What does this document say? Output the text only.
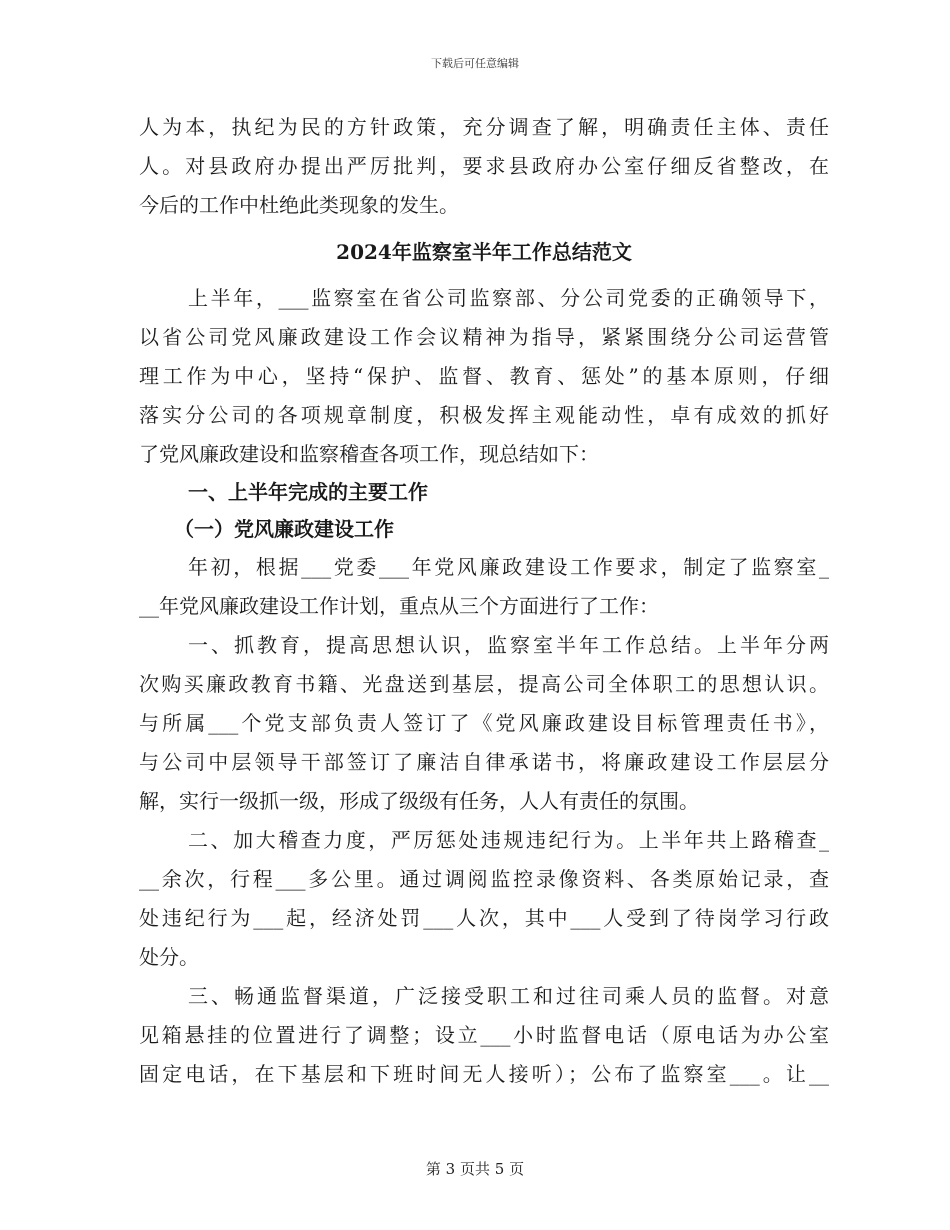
下载后可任意编辑
人为本，执纪为民的方针政策，充分调查了解，明确责任主体、责任
人。对县政府办提出严厉批判，要求县政府办公室仔细反省整改，在
今后的工作中杜绝此类现象的发生。
2024年监察室半年工作总结范文
上半年，___监察室在省公司监察部、分公司党委的正确领导下，
以省公司党风廉政建设工作会议精神为指导，紧紧围绕分公司运营管
理工作为中心，坚持“保护、监督、教育、惩处”的基本原则，仔细
落实分公司的各项规章制度，积极发挥主观能动性，卓有成效的抓好
了党风廉政建设和监察稽查各项工作，现总结如下：
一、上半年完成的主要工作
（一）党风廉政建设工作
年初，根据___党委___年党风廉政建设工作要求，制定了监察室_
__年党风廉政建设工作计划，重点从三个方面进行了工作：
一、抓教育，提高思想认识，监察室半年工作总结。上半年分两
次购买廉政教育书籍、光盘送到基层，提高公司全体职工的思想认识。
与所属___个党支部负责人签订了《党风廉政建设目标管理责任书》，
与公司中层领导干部签订了廉洁自律承诺书，将廉政建设工作层层分
解，实行一级抓一级，形成了级级有任务，人人有责任的氛围。
二、加大稽查力度，严厉惩处违规违纪行为。上半年共上路稽查_
__余次，行程___多公里。通过调阅监控录像资料、各类原始记录，查
处违纪行为___起，经济处罚___人次，其中___人受到了待岗学习行政
处分。
三、畅通监督渠道，广泛接受职工和过往司乘人员的监督。对意
见箱悬挂的位置进行了调整；设立___小时监督电话（原电话为办公室
固定电话，在下基层和下班时间无人接听）；公布了监察室___。让__
第 3 页共 5 页
